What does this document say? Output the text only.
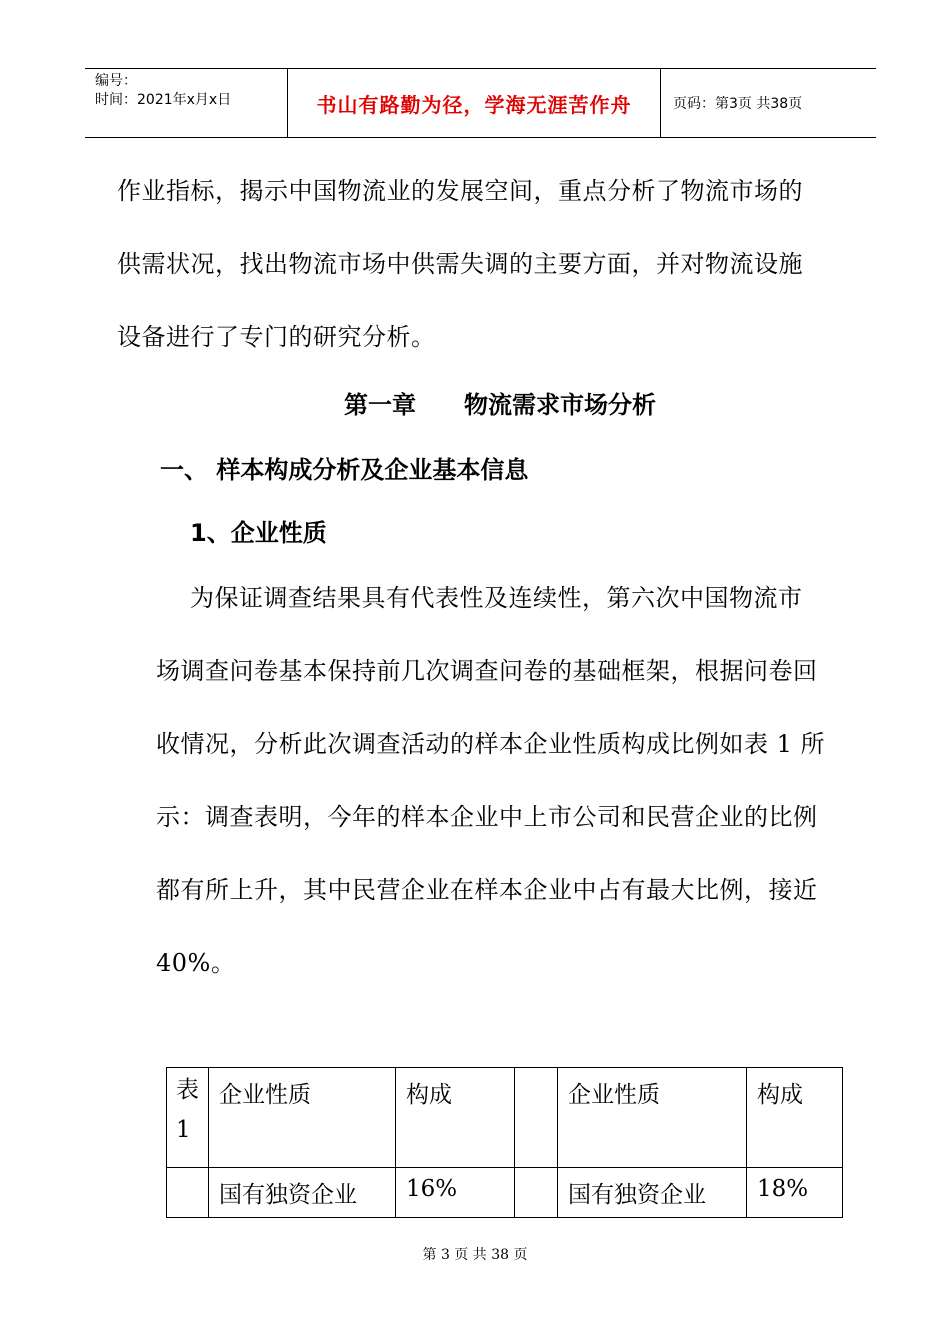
编号：
时间：2021年x月x日	书山有路勤为径，学海无涯苦作舟	页码：第3页 共38页
作业指标，揭示中国物流业的发展空间，重点分析了物流市场的
供需状况，找出物流市场中供需失调的主要方面，并对物流设施
设备进行了专门的研究分析。
第一章　　物流需求市场分析
一、 样本构成分析及企业基本信息
1、企业性质
为保证调查结果具有代表性及连续性，第六次中国物流市
场调查问卷基本保持前几次调查问卷的基础框架，根据问卷回
收情况，分析此次调查活动的样本企业性质构成比例如表 1 所
示：调查表明，今年的样本企业中上市公司和民营企业的比例
都有所上升，其中民营企业在样本企业中占有最大比例，接近
40%。
表
1	企业性质	构成		企业性质	构成
	国有独资企业	16%		国有独资企业	18%
第 3 页 共 38 页
